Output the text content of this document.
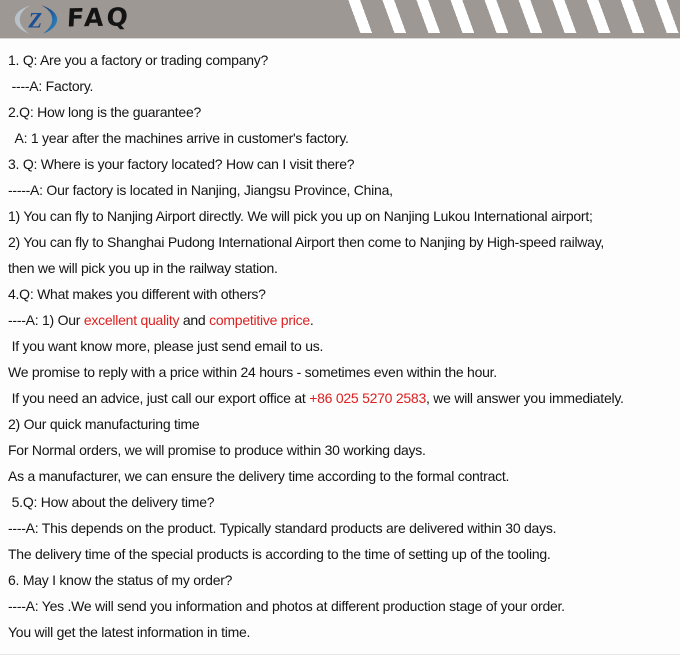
Z FAQ
1. Q: Are you a factory or trading company?
----A: Factory.
2.Q: How long is the guarantee?
A: 1 year after the machines arrive in customer's factory.
3. Q: Where is your factory located? How can I visit there?
-----A: Our factory is located in Nanjing, Jiangsu Province, China,
1) You can fly to Nanjing Airport directly. We will pick you up on Nanjing Lukou International airport;
2) You can fly to Shanghai Pudong International Airport then come to Nanjing by High-speed railway,
then we will pick you up in the railway station.
4.Q: What makes you different with others?
----A: 1) Our excellent quality and competitive price.
If you want know more, please just send email to us.
We promise to reply with a price within 24 hours - sometimes even within the hour.
If you need an advice, just call our export office at +86 025 5270 2583, we will answer you immediately.
2) Our quick manufacturing time
For Normal orders, we will promise to produce within 30 working days.
As a manufacturer, we can ensure the delivery time according to the formal contract.
5.Q: How about the delivery time?
----A: This depends on the product. Typically standard products are delivered within 30 days.
The delivery time of the special products is according to the time of setting up of the tooling.
6. May I know the status of my order?
----A: Yes .We will send you information and photos at different production stage of your order.
You will get the latest information in time.
